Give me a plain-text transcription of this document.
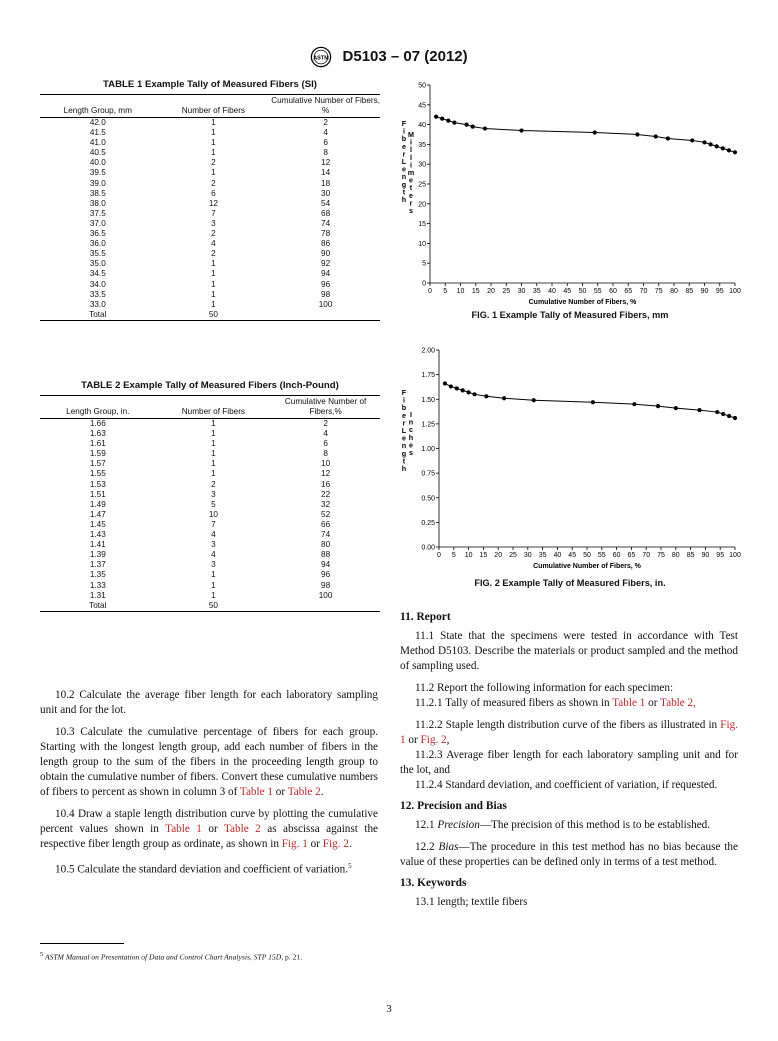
ASTM D5103 – 07 (2012)
TABLE 1 Example Tally of Measured Fibers (SI)
Length Group, mm	Number of Fibers	Cumulative Number of Fibers, %
42.0	1	2
41.5	1	4
41.0	1	6
40.5	1	8
40.0	2	12
39.5	1	14
39.0	2	18
38.5	6	30
38.0	12	54
37.5	7	68
37.0	3	74
36.5	2	78
36.0	4	86
35.5	2	90
35.0	1	92
34.5	1	94
34.0	1	96
33.5	1	98
33.0	1	100
Total	50	
TABLE 2 Example Tally of Measured Fibers (Inch-Pound)
Length Group, in.	Number of Fibers	Cumulative Number of Fibers,%
1.66	1	2
1.63	1	4
1.61	1	6
1.59	1	8
1.57	1	10
1.55	1	12
1.53	2	16
1.51	3	22
1.49	5	32
1.47	10	52
1.45	7	66
1.43	4	74
1.41	3	80
1.39	4	88
1.37	3	94
1.35	1	96
1.33	1	98
1.31	1	100
Total	50	

10.2 Calculate the average fiber length for each laboratory sampling unit and for the lot.

10.3 Calculate the cumulative percentage of fibers for each group. Starting with the longest length group, add each number of fibers in the length group to the sum of the fibers in the proceeding length group to obtain the cumulative number of fibers. Convert these cumulative numbers of fibers to percent as shown in column 3 of Table 1 or Table 2.

10.4 Draw a staple length distribution curve by plotting the cumulative percent values shown in Table 1 or Table 2 as abscissa against the respective fiber length group as ordinate, as shown in Fig. 1 or Fig. 2.

10.5 Calculate the standard deviation and coefficient of variation.$^5$

$^5$ ASTM Manual on Presentation of Data and Control Chart Analysis, STP 15D, p. 21.
0
5
10
15
20
25
30
35
40
45
50
0 5 10 15 20 25 30 35 40 45 50 55 60 65 70 75 80 85 90 95 100
Cumulative Number of Fibers, %
F
i
b
e
r
L
e
n
g
t
h
M
i
l
l
i
m
e
t
e
r
s
FIG. 1 Example Tally of Measured Fibers, mm
0.00
0.25
0.50
0.75
1.00
1.25
1.50
1.75
2.00
0 5 10 15 20 25 30 35 40 45 50 55 60 65 70 75 80 85 90 95 100
Cumulative Number of Fibers, %
F
i
b
e
r
L
e
n
g
t
h
I
n
c
h
e
s
FIG. 2 Example Tally of Measured Fibers, in.
11. Report

11.1 State that the specimens were tested in accordance with Test Method D5103. Describe the materials or product sampled and the method of sampling used.

11.2 Report the following information for each specimen:

11.2.1 Tally of measured fibers as shown in Table 1 or Table 2,

11.2.2 Staple length distribution curve of the fibers as illustrated in Fig. 1 or Fig. 2,

11.2.3 Average fiber length for each laboratory sampling unit and for the lot, and

11.2.4 Standard deviation, and coefficient of variation, if requested.

12. Precision and Bias

12.1 Precision—The precision of this method is to be established.

12.2 Bias—The procedure in this test method has no bias because the value of these properties can be defined only in terms of a test method.

13. Keywords

13.1 length; textile fibers

3
